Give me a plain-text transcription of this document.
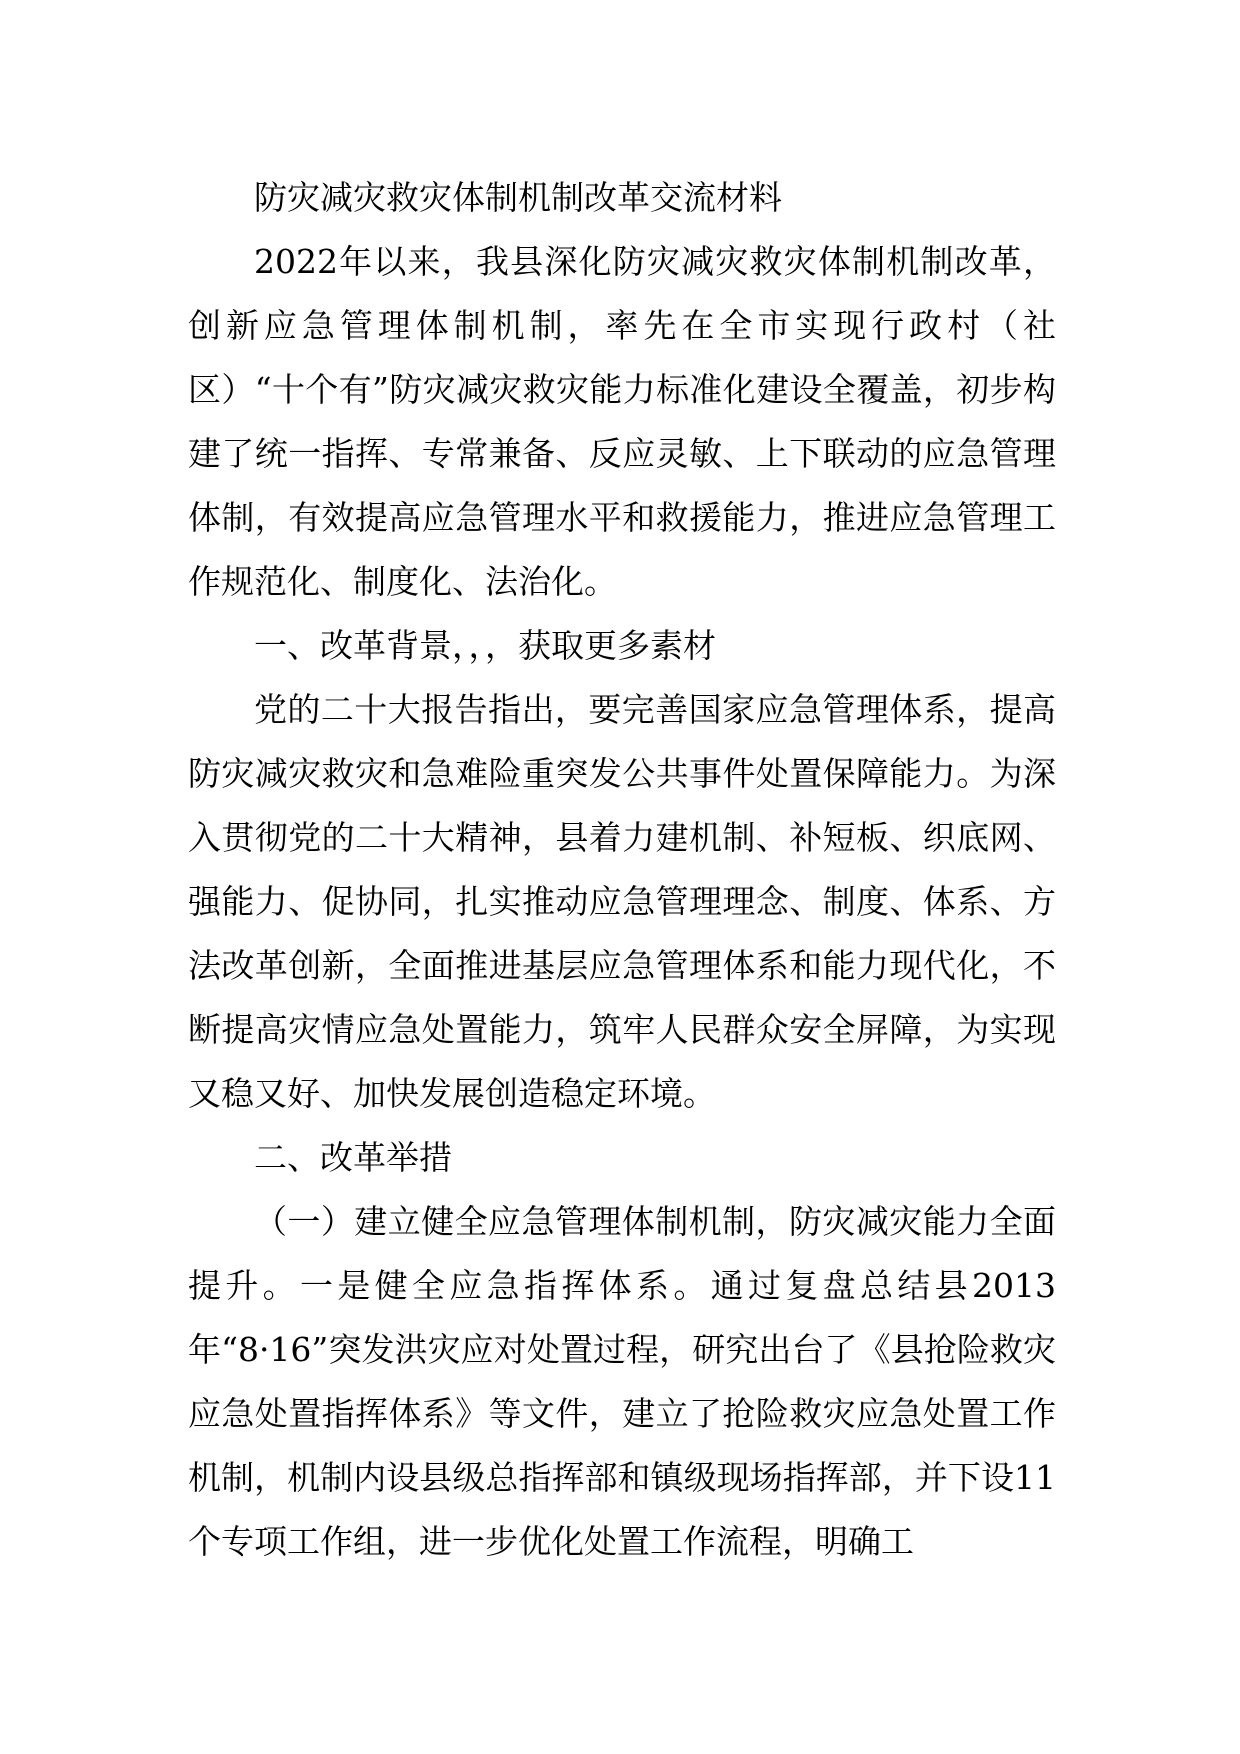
防灾减灾救灾体制机制改革交流材料

2022年以来，我县深化防灾减灾救灾体制机制改革，创新应急管理体制机制，率先在全市实现行政村（社区）“十个有”防灾减灾救灾能力标准化建设全覆盖，初步构建了统一指挥、专常兼备、反应灵敏、上下联动的应急管理体制，有效提高应急管理水平和救援能力，推进应急管理工作规范化、制度化、法治化。

一、改革背景，，，获取更多素材

党的二十大报告指出，要完善国家应急管理体系，提高防灾减灾救灾和急难险重突发公共事件处置保障能力。为深入贯彻党的二十大精神，县着力建机制、补短板、织底网、强能力、促协同，扎实推动应急管理理念、制度、体系、方法改革创新，全面推进基层应急管理体系和能力现代化，不断提高灾情应急处置能力，筑牢人民群众安全屏障，为实现又稳又好、加快发展创造稳定环境。

二、改革举措

（一）建立健全应急管理体制机制，防灾减灾能力全面提升。一是健全应急指挥体系。通过复盘总结县2013年“8·16”突发洪灾应对处置过程，研究出台了《县抢险救灾应急处置指挥体系》等文件，建立了抢险救灾应急处置工作机制，机制内设县级总指挥部和镇级现场指挥部，并下设11个专项工作组，进一步优化处置工作流程，明确工
